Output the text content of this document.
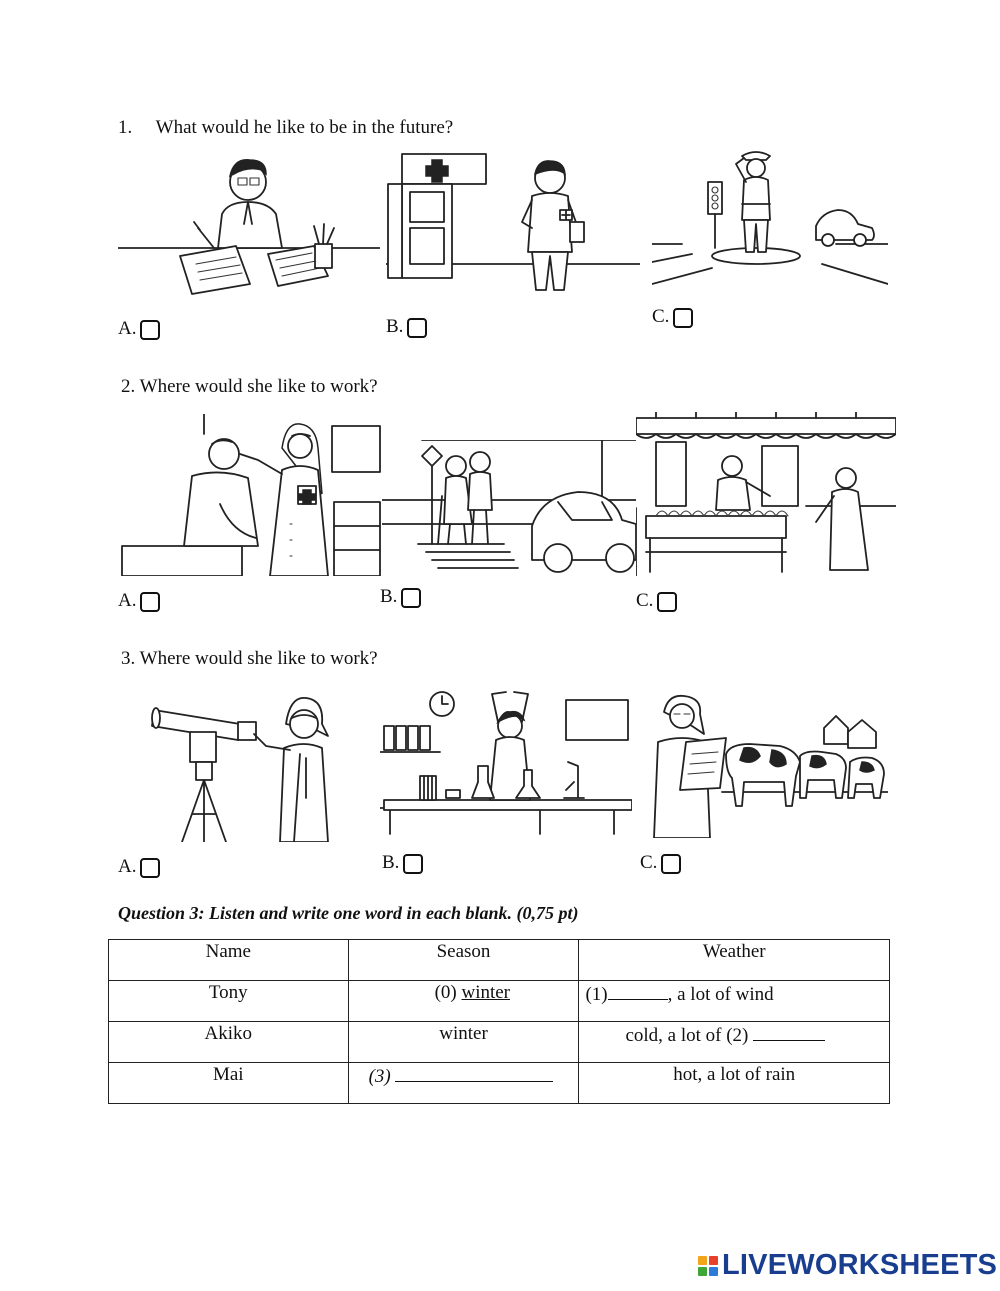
1.     What would he like to be in the future?
A.	B.	C.
2. Where would she like to work?
A.	B.	C.
3. Where would she like to work?
A.	B.	C.
Question 3: Listen and write one word in each blank. (0,75 pt)
Name	Season	Weather
Tony	(0) winter	(1) , a lot of wind
Akiko	winter	cold, a lot of (2)
Mai	(3)	hot, a lot of rain
LIVEWORKSHEETS
